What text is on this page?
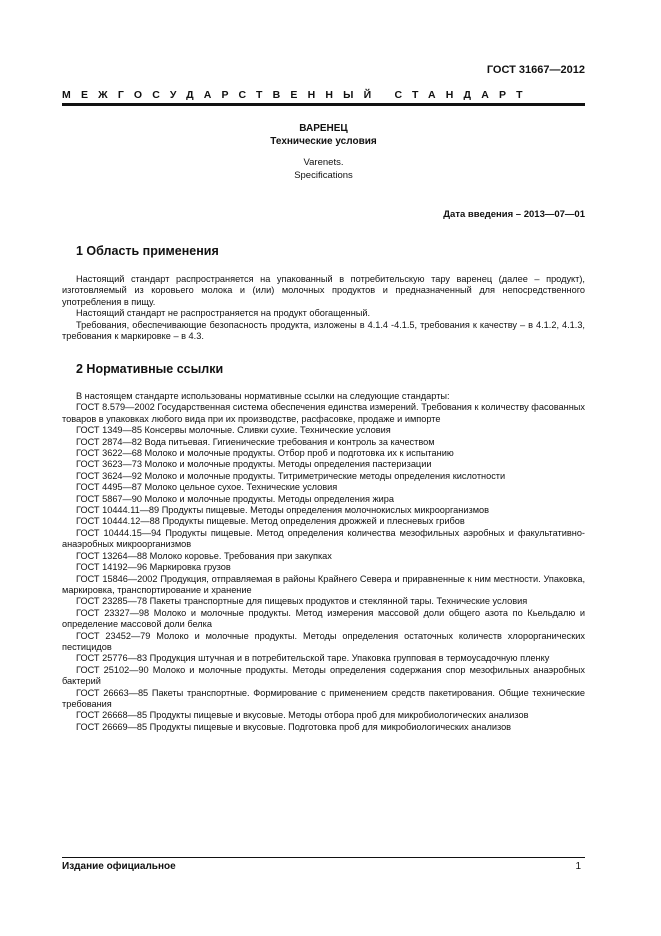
ГОСТ 31667—2012
МЕЖГОСУДАРСТВЕННЫЙ СТАНДАРТ
ВАРЕНЕЦ
Технические условия
Varenets.
Specifications
Дата введения – 2013—07—01
1 Область применения

Настоящий стандарт распространяется на упакованный в потребительскую тару варенец (далее – продукт), изготовляемый из коровьего молока и (или) молочных продуктов и предназначенный для непосредственного употребления в пищу.

Настоящий стандарт не распространяется на продукт обогащенный.

Требования, обеспечивающие безопасность продукта, изложены в 4.1.4 -4.1.5, требования к качеству – в 4.1.2, 4.1.3, требования к маркировке – в 4.3.

2 Нормативные ссылки

В настоящем стандарте использованы нормативные ссылки на следующие стандарты:

ГОСТ 8.579—2002 Государственная система обеспечения единства измерений. Требования к количеству фасованных товаров в упаковках любого вида при их производстве, расфасовке, продаже и импорте

ГОСТ 1349—85 Консервы молочные. Сливки сухие. Технические условия

ГОСТ 2874—82 Вода питьевая. Гигиенические требования и контроль за качеством

ГОСТ 3622—68 Молоко и молочные продукты. Отбор проб и подготовка их к испытанию

ГОСТ 3623—73 Молоко и молочные продукты. Методы определения пастеризации

ГОСТ 3624—92 Молоко и молочные продукты. Титриметрические методы определения кислотности

ГОСТ 4495—87 Молоко цельное сухое. Технические условия

ГОСТ 5867—90 Молоко и молочные продукты. Методы определения жира

ГОСТ 10444.11—89 Продукты пищевые. Методы определения молочнокислых микроорганизмов

ГОСТ 10444.12—88 Продукты пищевые. Метод определения дрожжей и плесневых грибов

ГОСТ 10444.15—94 Продукты пищевые. Метод определения количества мезофильных аэробных и факультативно-анаэробных микроорганизмов

ГОСТ 13264—88 Молоко коровье. Требования при закупках

ГОСТ 14192—96 Маркировка грузов

ГОСТ 15846—2002 Продукция, отправляемая в районы Крайнего Севера и приравненные к ним местности. Упаковка, маркировка, транспортирование и хранение

ГОСТ 23285—78 Пакеты транспортные для пищевых продуктов и стеклянной тары. Технические условия

ГОСТ 23327—98 Молоко и молочные продукты. Метод измерения массовой доли общего азота по Кьельдалю и определение массовой доли белка

ГОСТ 23452—79 Молоко и молочные продукты. Методы определения остаточных количеств хлорорганических пестицидов

ГОСТ 25776—83 Продукция штучная и в потребительской таре. Упаковка групповая в термоусадочную пленку

ГОСТ 25102—90 Молоко и молочные продукты. Методы определения содержания спор мезофильных анаэробных бактерий

ГОСТ 26663—85 Пакеты транспортные. Формирование с применением средств пакетирования. Общие технические требования

ГОСТ 26668—85 Продукты пищевые и вкусовые. Методы отбора проб для микробиологических анализов

ГОСТ 26669—85 Продукты пищевые и вкусовые. Подготовка проб для микробиологических анализов

Издание официальное	1
